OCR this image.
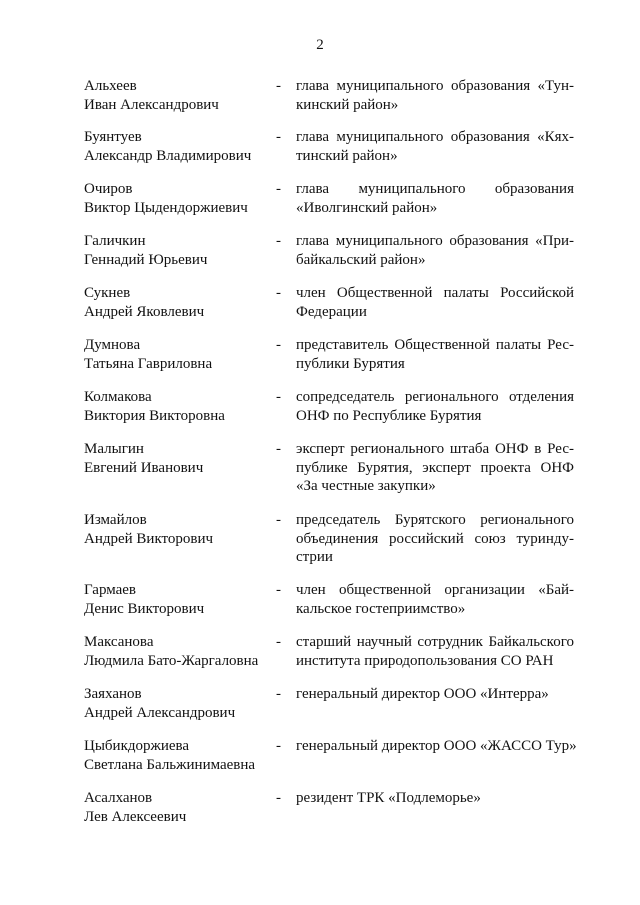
2
Альхеев
Иван Александрович
-	глава муниципального образования «Тун-
кинский район»
Буянтуев
Александр Владимирович
-	глава муниципального образования «Кях-
тинский район»
Очиров
Виктор Цыдендоржиевич
-	глава муниципального образования
«Иволгинский район»
Галичкин
Геннадий Юрьевич
-	глава муниципального образования «При-
байкальский район»
Сукнев
Андрей Яковлевич
-	член Общественной палаты Российской
Федерации
Думнова
Татьяна Гавриловна
-	представитель Общественной палаты Рес-
публики Бурятия
Колмакова
Виктория Викторовна
-	сопредседатель регионального отделения
ОНФ по Республике Бурятия
Малыгин
Евгений Иванович
-	эксперт регионального штаба ОНФ в Рес-
публике Бурятия, эксперт проекта ОНФ
«За честные закупки»
Измайлов
Андрей Викторович
-	председатель Бурятского регионального
объединения российский союз туринду-
стрии
Гармаев
Денис Викторович
-	член общественной организации «Бай-
кальское гостеприимство»
Максанова
Людмила Бато-Жаргаловна
-	старший научный сотрудник Байкальского
института природопользования СО РАН
Заяханов
Андрей Александрович
-	генеральный директор ООО «Интерра»
Цыбикдоржиева
Светлана Бальжинимаевна
-	генеральный директор ООО «ЖАССО Тур»
Асалханов
Лев Алексеевич
-	резидент ТРК «Подлеморье»
